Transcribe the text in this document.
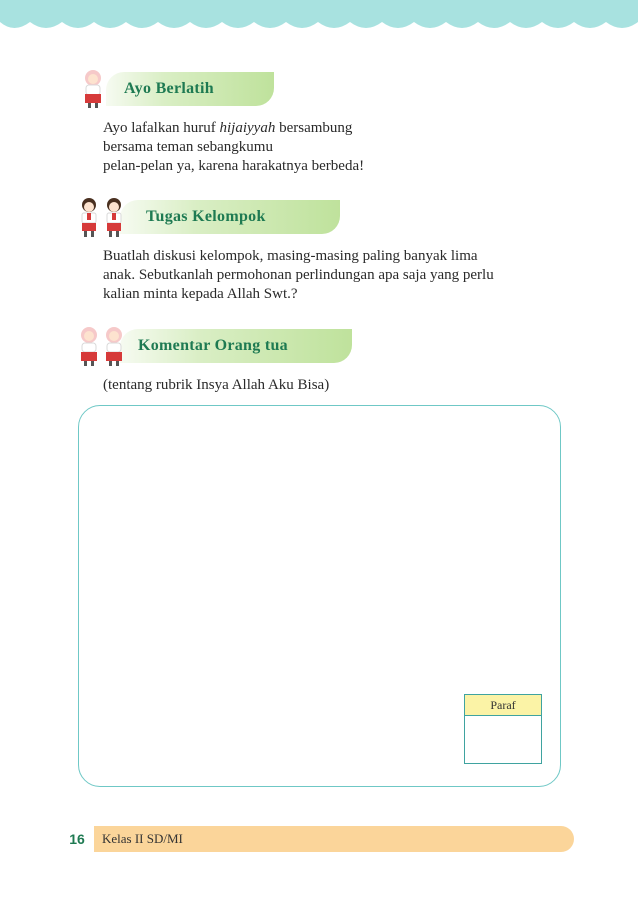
Ayo Berlatih

Ayo lafalkan huruf hijaiyyah bersambung
bersama teman sebangkumu
pelan-pelan ya, karena harakatnya berbeda!

Tugas Kelompok

Buatlah diskusi kelompok, masing-masing paling banyak lima
anak. Sebutkanlah permohonan perlindungan apa saja yang perlu
kalian minta kepada Allah Swt.?

Komentar Orang tua

(tentang rubrik Insya Allah Aku Bisa)

Paraf
16	Kelas II SD/MI
